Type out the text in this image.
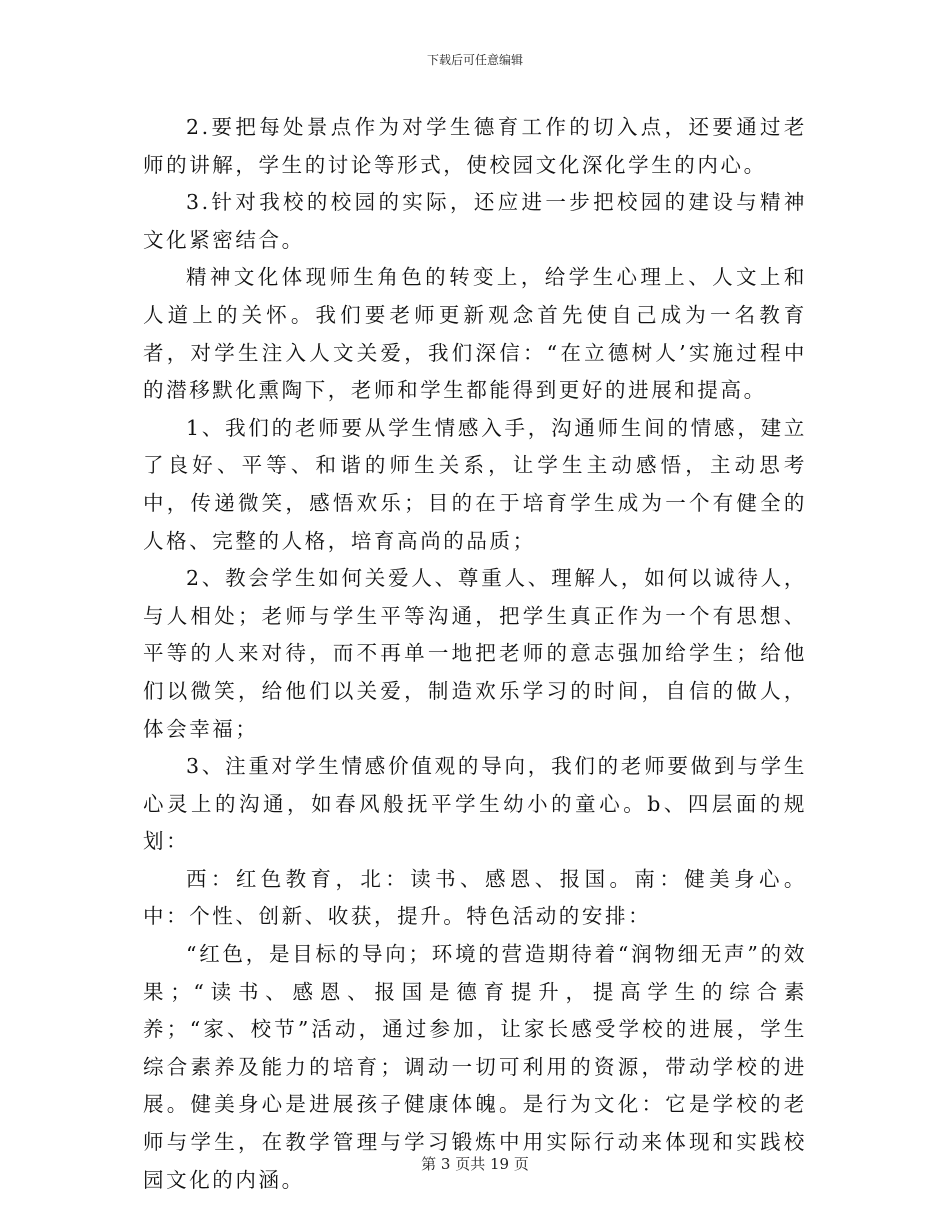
下载后可任意编辑

2.要把每处景点作为对学生德育工作的切入点，还要通过老师的讲解，学生的讨论等形式，使校园文化深化学生的内心。

3.针对我校的校园的实际，还应进一步把校园的建设与精神文化紧密结合。

精神文化体现师生角色的转变上，给学生心理上、人文上和人道上的关怀。我们要老师更新观念首先使自己成为一名教育者，对学生注入人文关爱，我们深信：“在立德树人’实施过程中的潜移默化熏陶下，老师和学生都能得到更好的进展和提高。

1、我们的老师要从学生情感入手，沟通师生间的情感，建立了良好、平等、和谐的师生关系，让学生主动感悟，主动思考中，传递微笑，感悟欢乐；目的在于培育学生成为一个有健全的人格、完整的人格，培育高尚的品质；

2、教会学生如何关爱人、尊重人、理解人，如何以诚待人，与人相处；老师与学生平等沟通，把学生真正作为一个有思想、平等的人来对待，而不再单一地把老师的意志强加给学生；给他们以微笑，给他们以关爱，制造欢乐学习的时间，自信的做人，体会幸福；

3、注重对学生情感价值观的导向，我们的老师要做到与学生心灵上的沟通，如春风般抚平学生幼小的童心。b、四层面的规划：

西：红色教育，北：读书、感恩、报国。南：健美身心。中：个性、创新、收获，提升。特色活动的安排：

“红色，是目标的导向；环境的营造期待着“润物细无声”的效果；“读书、感恩、报国是德育提升，提高学生的综合素养；“家、校节”活动，通过参加，让家长感受学校的进展，学生综合素养及能力的培育；调动一切可利用的资源，带动学校的进展。健美身心是进展孩子健康体魄。是行为文化：它是学校的老师与学生，在教学管理与学习锻炼中用实际行动来体现和实践校园文化的内涵。

第 3 页共 19 页
